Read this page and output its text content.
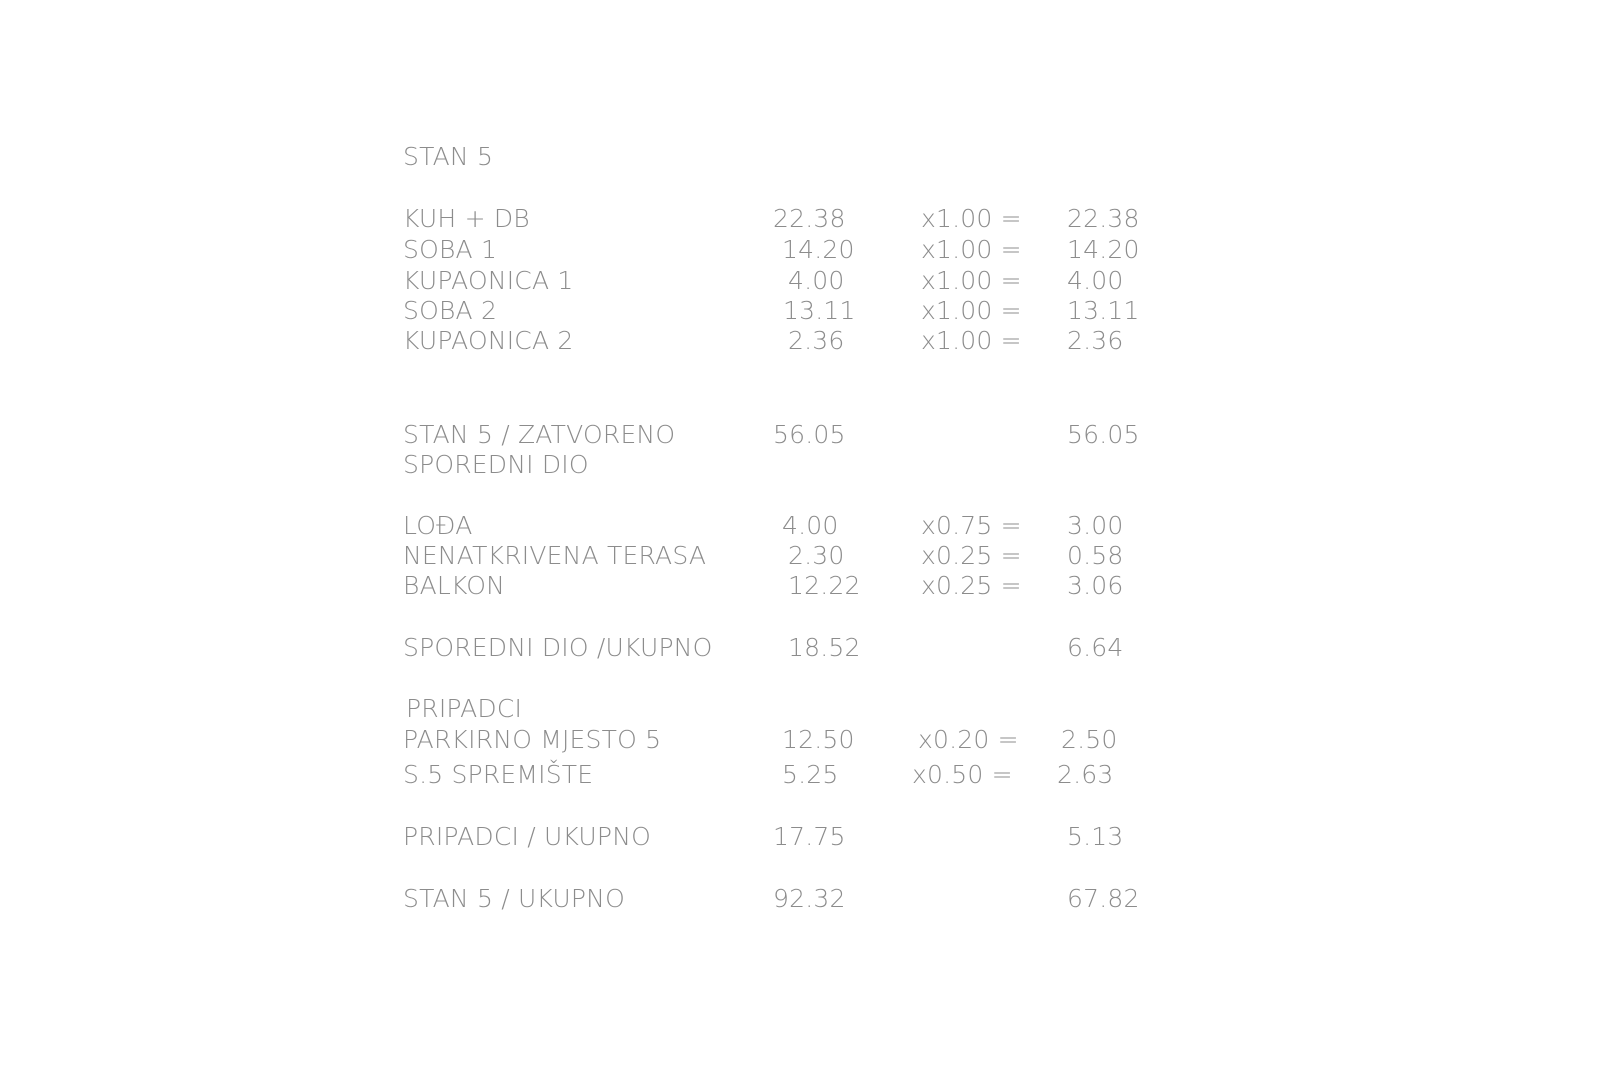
STAN 5
KUH + DB	22.38	x1.00 = 22.38
SOBA 1	14.20	x1.00 = 14.20
KUPAONICA 1	4.00	x1.00 = 4.00
SOBA 2	13.11	x1.00 = 13.11
KUPAONICA 2	2.36	x1.00 = 2.36
STAN 5 / ZATVORENO	56.05	56.05
SPOREDNI DIO
LOĐA	4.00	x0.75 = 3.00
NENATKRIVENA TERASA	2.30	x0.25 = 0.58
BALKON	12.22 x0.25 = 3.06
SPOREDNI DIO /UKUPNO	18.52	6.64
PRIPADCI
PARKIRNO MJESTO 5	12.50	x0.20 = 2.50
S.5 SPREMIŠTE	5.25	x0.50 = 2.63
PRIPADCI / UKUPNO	17.75	5.13
STAN 5 / UKUPNO	92.32	67.82
